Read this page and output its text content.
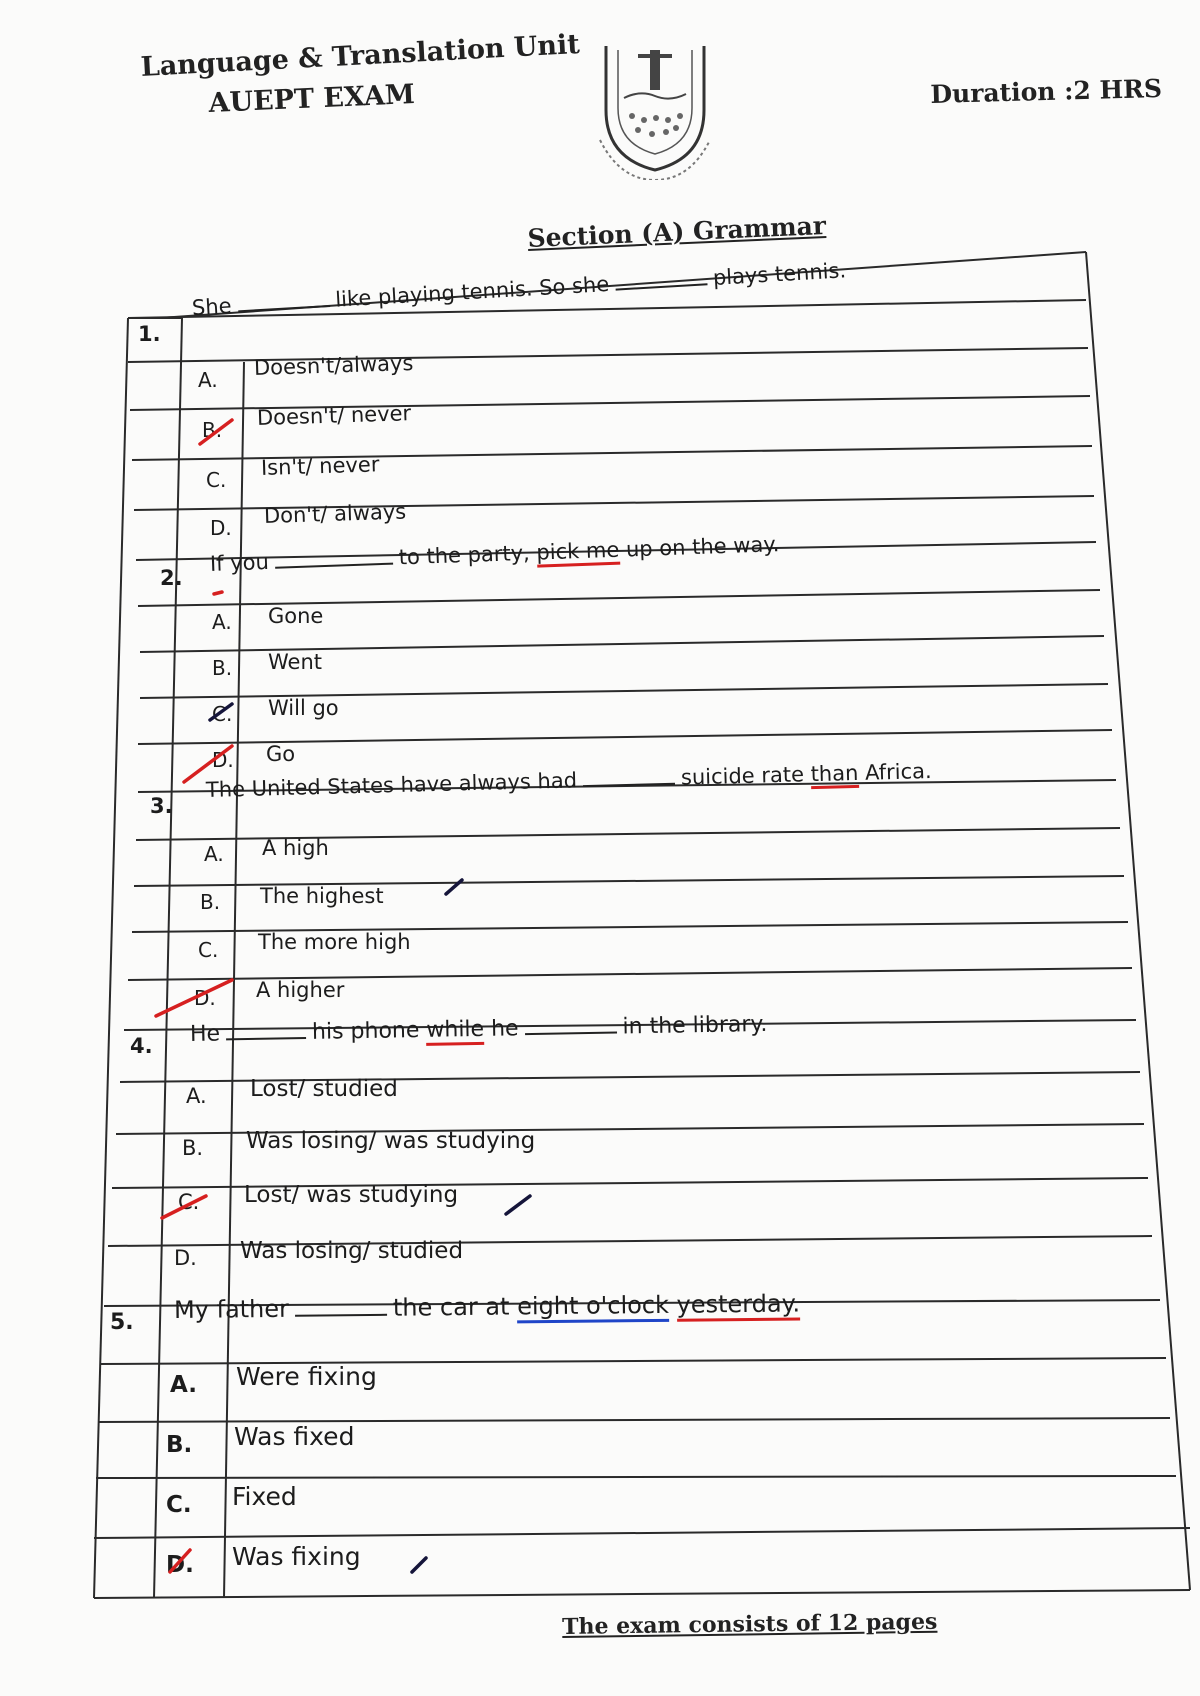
Language & Translation Unit
AUEPT EXAM	Duration :2 HRS
Section (A) Grammar
1.
She	like playing tennis. So she	plays tennis.
A.
Doesn't/always
B.
Doesn't/ never
C.
Isn't/ never
D.
Don't/ always
2.
If you	to the party, pick me up on the way.
A. Gone
B. Went
C. Will go
D. Go
3.
The United States have always had	suicide rate than Africa.
A. A high
B. The highest
C. The more high
D. A higher
4. He	his phone while he	in the library.
A. Lost/ studied
B. Was losing/ was studying
C. Lost/ was studying
D. Was losing/ studied
5. My father	the car at eight o'clock yesterday.
A. Were fixing
B. Was fixed
C. Fixed
D. Was fixing
The exam consists of 12 pages
